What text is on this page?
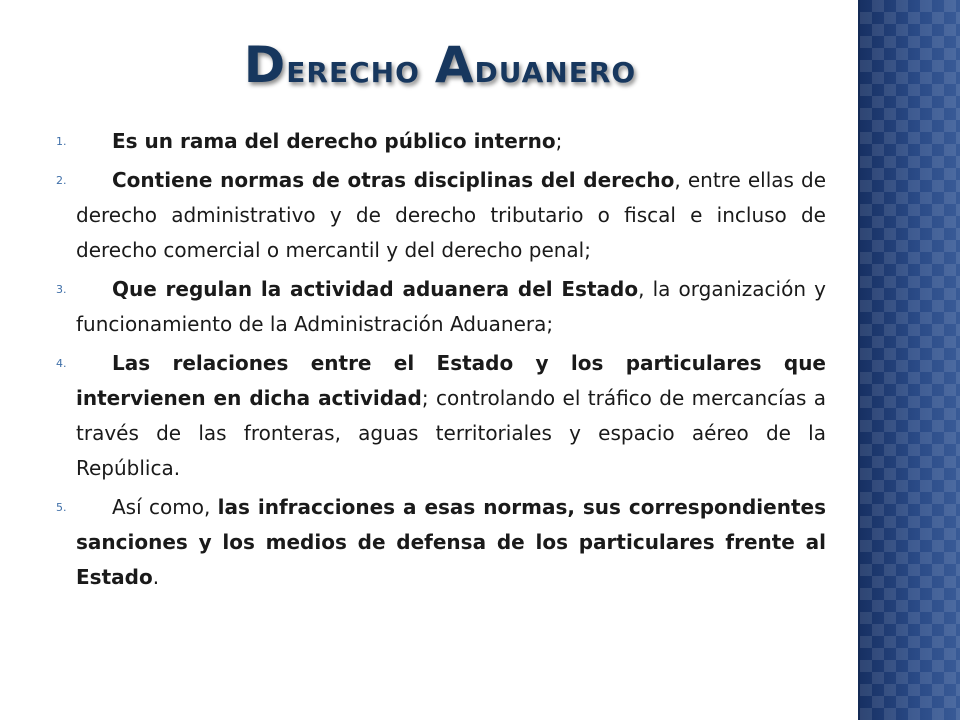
Derecho Aduanero
1.	Es un rama del derecho público interno;
2.	Contiene normas de otras disciplinas del derecho, entre ellas de derecho administrativo y de derecho tributario o fiscal e incluso de derecho comercial o mercantil y del derecho penal;
3.	Que regulan la actividad aduanera del Estado, la organización y funcionamiento de la Administración Aduanera;
4.	Las relaciones entre el Estado y los particulares que intervienen en dicha actividad; controlando el tráfico de mercancías a través de las fronteras, aguas territoriales y espacio aéreo de la República.
5.	Así como, las infracciones a esas normas, sus correspondientes sanciones y los medios de defensa de los particulares frente al Estado.
